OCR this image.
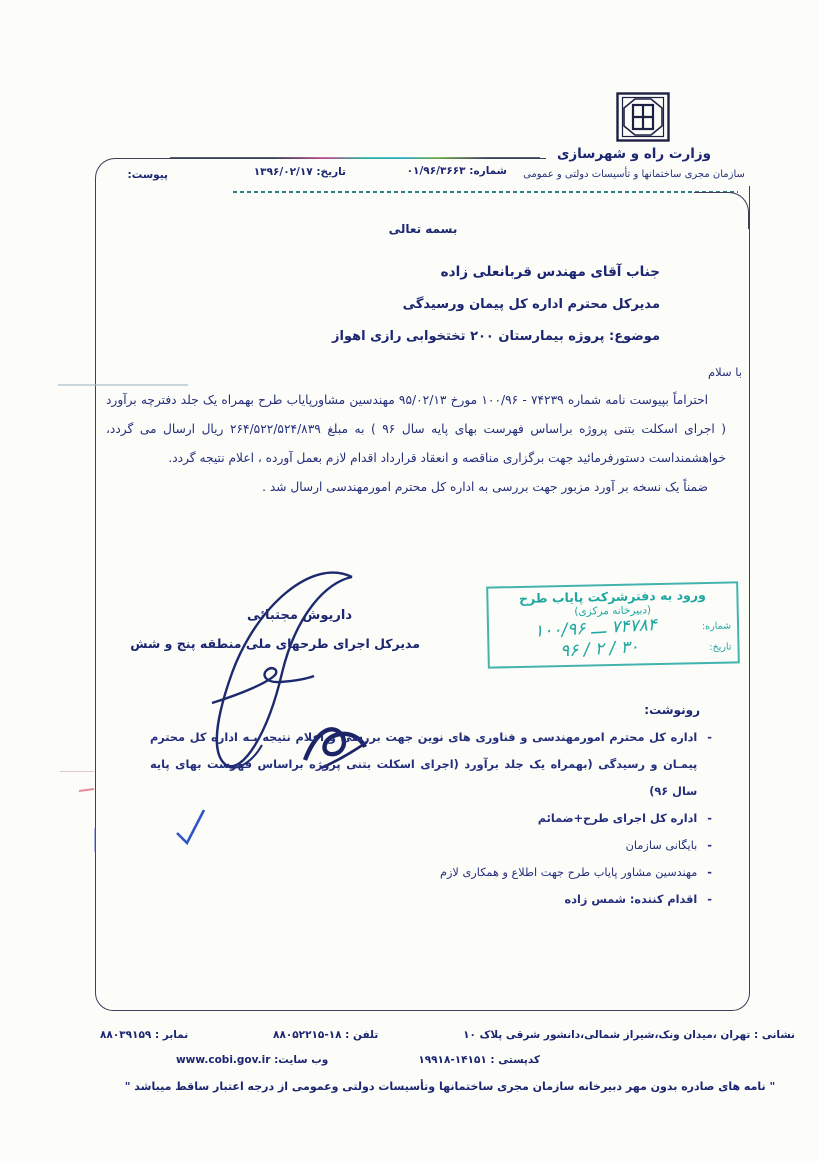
وزارت راه و شهرسازی
سازمان مجری ساختمانها و تأسیسات دولتی و عمومی
شماره: ۰۱/۹۶/۳۶۶۳
تاریخ: ۱۳۹۶/۰۲/۱۷
پیوست:
بسمه تعالی
جناب آقای مهندس قربانعلی زاده
مدیرکل محترم اداره کل پیمان ورسیدگی
موضوع: پروژه بیمارستان ۲۰۰ تختخوابی رازی اهواز
با سلام

احتراماً بپیوست نامه شماره ۷۴۲۳۹ - ۱۰۰/۹۶ مورخ ۹۵/۰۲/۱۳ مهندسین مشاورپایاب طرح بهمراه یک جلد دفترچه برآورد ( اجرای اسکلت بتنی پروژه براساس فهرست بهای پایه سال ۹۶ ) به مبلغ ۲۶۴/۵۲۲/۵۲۴/۸۳۹ ریال ارسال می گردد، خواهشمنداست دستورفرمائید جهت برگزاری مناقصه و انعقاد قرارداد اقدام لازم بعمل آورده ، اعلام نتیجه گردد.

ضمناً یک نسخه بر آورد مزبور جهت بررسی به اداره کل محترم امورمهندسی ارسال شد .

داریوش مجتبائی
مدیرکل اجرای طرحهای ملی منطقه پنج و شش
ورود به دفترشرکت پایاب طرح
(دبیرخانه مرکزی)
شماره:
۷۴۷۸۴ ـــ ۱۰۰/۹۶
تاریخ:
۳۰ / ۲ / ۹۶
رونوشت:
-
اداره کل محترم امورمهندسی و فناوری های نوین جهت بررسی و اعلام نتیجه بـه اداره کل محترم پیمـان و رسیدگی (بهمراه یک جلد برآورد (اجرای اسکلت بتنی پروژه براساس فهرست بهای پایه سال ۹۶)
-
اداره کل اجرای طرح+ضمائم
-
بایگانی سازمان
-
مهندسین مشاور پایاب طرح جهت اطلاع و همکاری لازم
-
اقدام کننده: شمس زاده
نشانی : تهران ،میدان ونک،شیراز شمالی،دانشور شرقی پلاک ۱۰
تلفن : ۱۸-۸۸۰۵۲۲۱۵
نمابر : ۸۸۰۳۹۱۵۹
کدپستی : ۱۴۱۵۱-۱۹۹۱۸
وب سایت: www.cobi.gov.ir
" نامه های صادره بدون مهر دبیرخانه سازمان مجری ساختمانها وتأسیسات دولتی وعمومی از درجه اعتبار ساقط میباشد "
